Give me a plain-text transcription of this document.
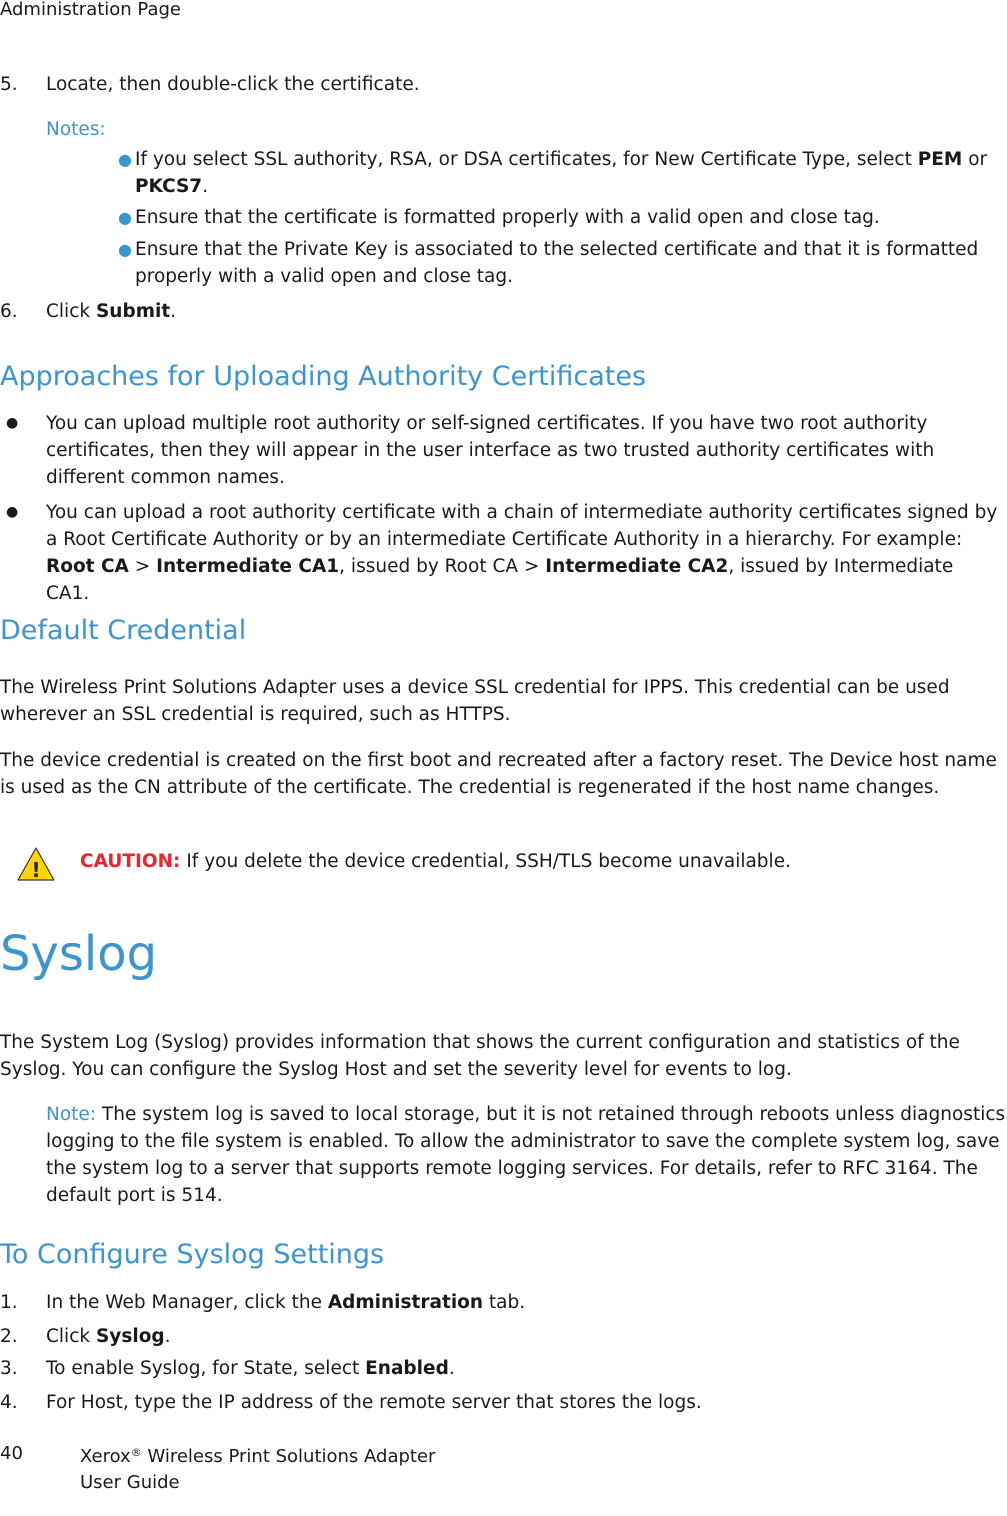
Administration Page
5.	Locate, then double-click the certificate.
Notes:
● If you select SSL authority, RSA, or DSA certificates, for New Certificate Type, select PEM or PKCS7.
● Ensure that the certificate is formatted properly with a valid open and close tag.
● Ensure that the Private Key is associated to the selected certificate and that it is formatted properly with a valid open and close tag.
6.	Click Submit.
Approaches for Uploading Authority Certificates
● You can upload multiple root authority or self-signed certificates. If you have two root authority certificates, then they will appear in the user interface as two trusted authority certificates with different common names.
● You can upload a root authority certificate with a chain of intermediate authority certificates signed by a Root Certificate Authority or by an intermediate Certificate Authority in a hierarchy. For example: Root CA > Intermediate CA1, issued by Root CA > Intermediate CA2, issued by Intermediate CA1.
Default Credential

The Wireless Print Solutions Adapter uses a device SSL credential for IPPS. This credential can be used wherever an SSL credential is required, such as HTTPS.

The device credential is created on the first boot and recreated after a factory reset. The Device host name is used as the CN attribute of the certificate. The credential is regenerated if the host name changes.

! CAUTION: If you delete the device credential, SSH/TLS become unavailable.
Syslog

The System Log (Syslog) provides information that shows the current configuration and statistics of the Syslog. You can configure the Syslog Host and set the severity level for events to log.

Note: The system log is saved to local storage, but it is not retained through reboots unless diagnostics logging to the file system is enabled. To allow the administrator to save the complete system log, save the system log to a server that supports remote logging services. For details, refer to RFC 3164. The default port is 514.
To Configure Syslog Settings
1.	In the Web Manager, click the Administration tab.
2.	Click Syslog.
3.	To enable Syslog, for State, select Enabled.
4.	For Host, type the IP address of the remote server that stores the logs.
40	Xerox® Wireless Print Solutions Adapter
User Guide
